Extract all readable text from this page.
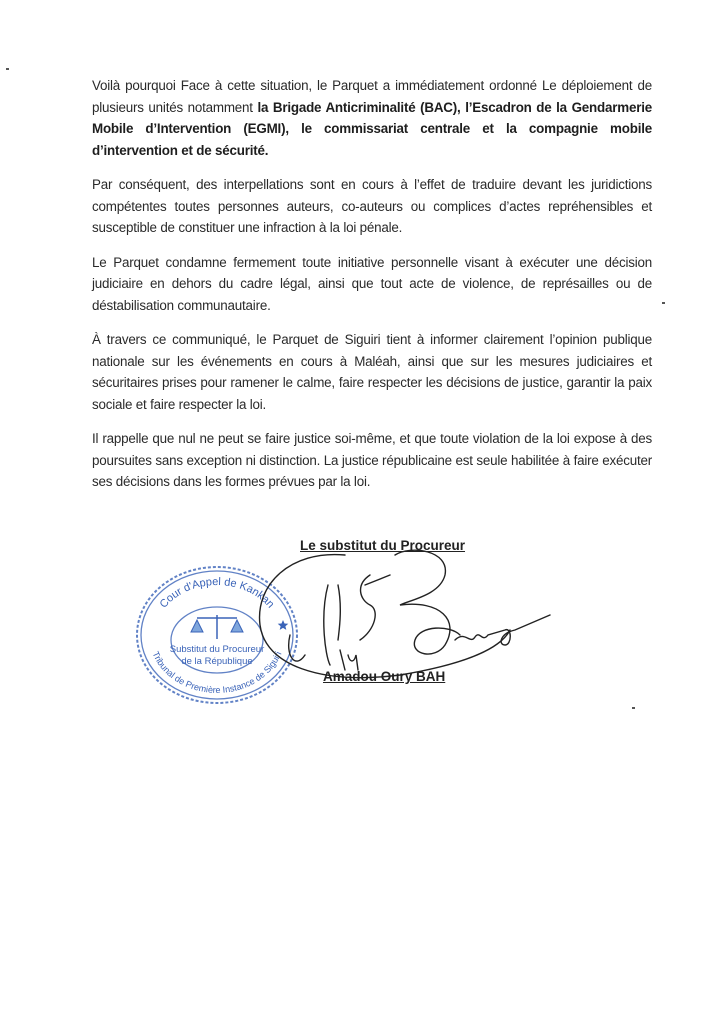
Voilà pourquoi Face à cette situation, le Parquet a immédiatement ordonné Le déploiement de plusieurs unités notamment la Brigade Anticriminalité (BAC), l’Escadron de la Gendarmerie Mobile d’Intervention (EGMI), le commissariat centrale et la compagnie mobile d’intervention et de sécurité.

Par conséquent, des interpellations sont en cours à l’effet de traduire devant les juridictions compétentes toutes personnes auteurs, co-auteurs ou complices d’actes repréhensibles et susceptible de constituer une infraction à la loi pénale.

Le Parquet condamne fermement toute initiative personnelle visant à exécuter une décision judiciaire en dehors du cadre légal, ainsi que tout acte de violence, de représailles ou de déstabilisation communautaire.

À travers ce communiqué, le Parquet de Siguiri tient à informer clairement l’opinion publique nationale sur les événements en cours à Maléah, ainsi que sur les mesures judiciaires et sécuritaires prises pour ramener le calme, faire respecter les décisions de justice, garantir la paix sociale et faire respecter la loi.

Il rappelle que nul ne peut se faire justice soi-même, et que toute violation de la loi expose à des poursuites sans exception ni distinction. La justice républicaine est seule habilitée à faire exécuter ses décisions dans les formes prévues par la loi.

Le substitut du Procureur
Cour d'Appel de Kankan
Tribunal de Première Instance de Siguiri
Substitut du Procureur
de la République
Amadou Oury BAH
